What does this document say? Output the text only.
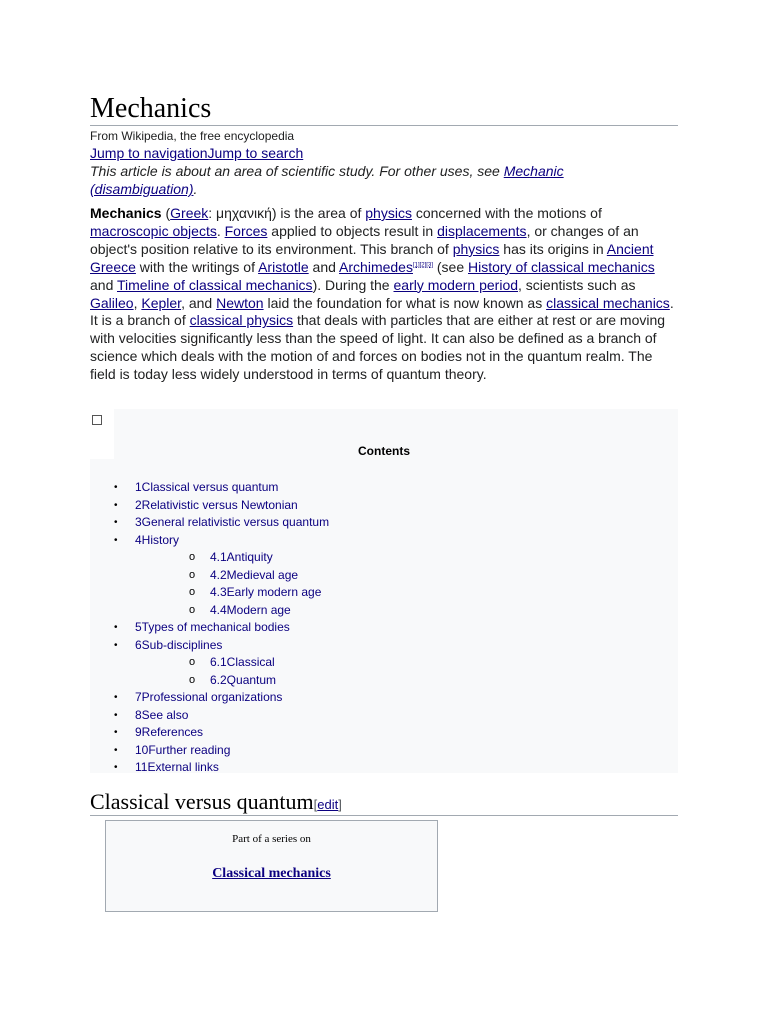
Mechanics
From Wikipedia, the free encyclopedia
Jump to navigationJump to search
This article is about an area of scientific study. For other uses, see Mechanic (disambiguation).

Mechanics (Greek: μηχανική) is the area of physics concerned with the motions of macroscopic objects. Forces applied to objects result in displacements, or changes of an object's position relative to its environment. This branch of physics has its origins in Ancient Greece with the writings of Aristotle and Archimedes[1][2][3] (see History of classical mechanics and Timeline of classical mechanics). During the early modern period, scientists such as Galileo, Kepler, and Newton laid the foundation for what is now known as classical mechanics. It is a branch of classical physics that deals with particles that are either at rest or are moving with velocities significantly less than the speed of light. It can also be defined as a branch of science which deals with the motion of and forces on bodies not in the quantum realm. The field is today less widely understood in terms of quantum theory.

Contents
• 1Classical versus quantum
• 2Relativistic versus Newtonian
• 3General relativistic versus quantum
• 4History
o 4.1Antiquity
o 4.2Medieval age
o 4.3Early modern age
o 4.4Modern age
• 5Types of mechanical bodies
• 6Sub-disciplines
o 6.1Classical
o 6.2Quantum
• 7Professional organizations
• 8See also
• 9References
• 10Further reading
• 11External links
Classical versus quantum[edit]
Part of a series on
Classical mechanics
